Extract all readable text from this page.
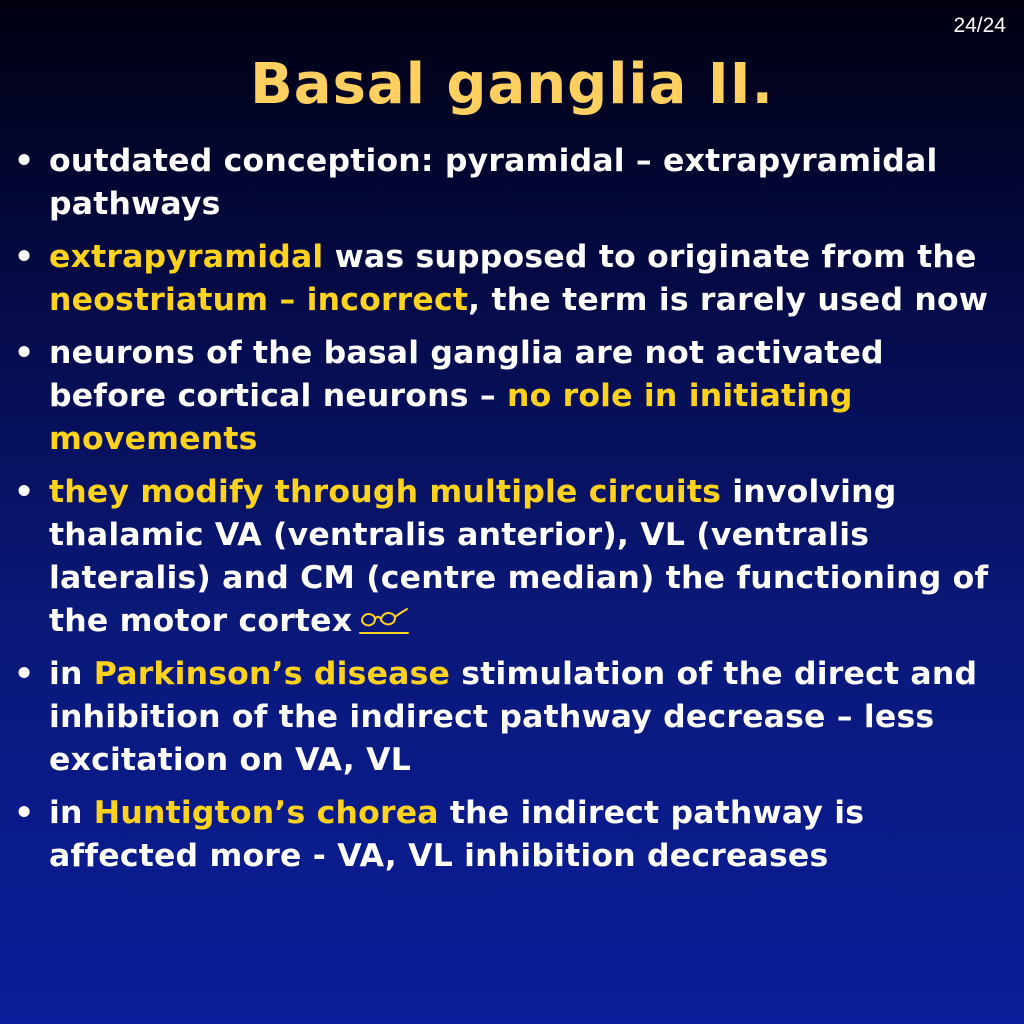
24/24
Basal ganglia II.
• outdated conception: pyramidal – extrapyramidal pathways
• extrapyramidal was supposed to originate from the neostriatum – incorrect, the term is rarely used now
• neurons of the basal ganglia are not activated before cortical neurons – no role in initiating movements
• they modify through multiple circuits involving thalamic VA (ventralis anterior), VL (ventralis lateralis) and CM (centre median) the functioning of the motor cortex
• in Parkinson’s disease stimulation of the direct and inhibition of the indirect pathway decrease – less excitation on VA, VL
• in Huntigton’s chorea the indirect pathway is affected more - VA, VL inhibition decreases
